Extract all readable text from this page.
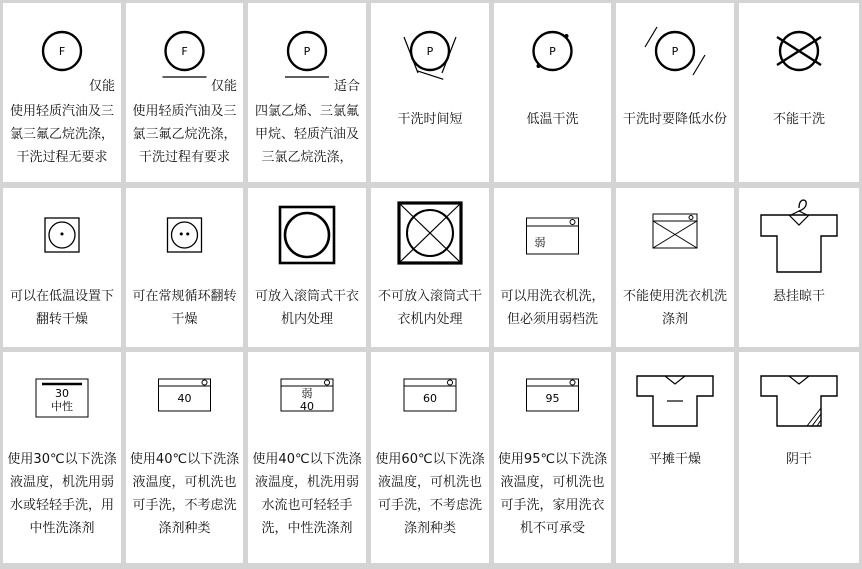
F
仅能
使用轻质汽油及三
氯三氟乙烷洗涤，
干洗过程无要求
F
仅能
使用轻质汽油及三
氯三氟乙烷洗涤，
干洗过程有要求
P
适合
四氯乙烯、三氯氟
甲烷、轻质汽油及
三氯乙烷洗涤，
P
干洗时间短
P
低温干洗
P
干洗时要降低水份	不能干洗
•
可以在低温设置下
翻转干燥
••
可在常规循环翻转
干燥
可放入滚筒式干衣
机内处理
不可放入滚筒式干
衣机内处理
弱
可以用洗衣机洗，
但必须用弱档洗
不能使用洗衣机洗
涤剂
悬挂晾干
30
中性
使用30℃以下洗涤
液温度，机洗用弱
水或轻轻手洗，用
中性洗涤剂
40
使用40℃以下洗涤
液温度，可机洗也
可手洗，不考虑洗
涤剂种类
弱
40
使用40℃以下洗涤
液温度，机洗用弱
水流也可轻轻手
洗，中性洗涤剂
60
使用60℃以下洗涤
液温度，可机洗也
可手洗，不考虑洗
涤剂种类
95
使用95℃以下洗涤
液温度，可机洗也
可手洗，家用洗衣
机不可承受
平摊干燥	阴干
